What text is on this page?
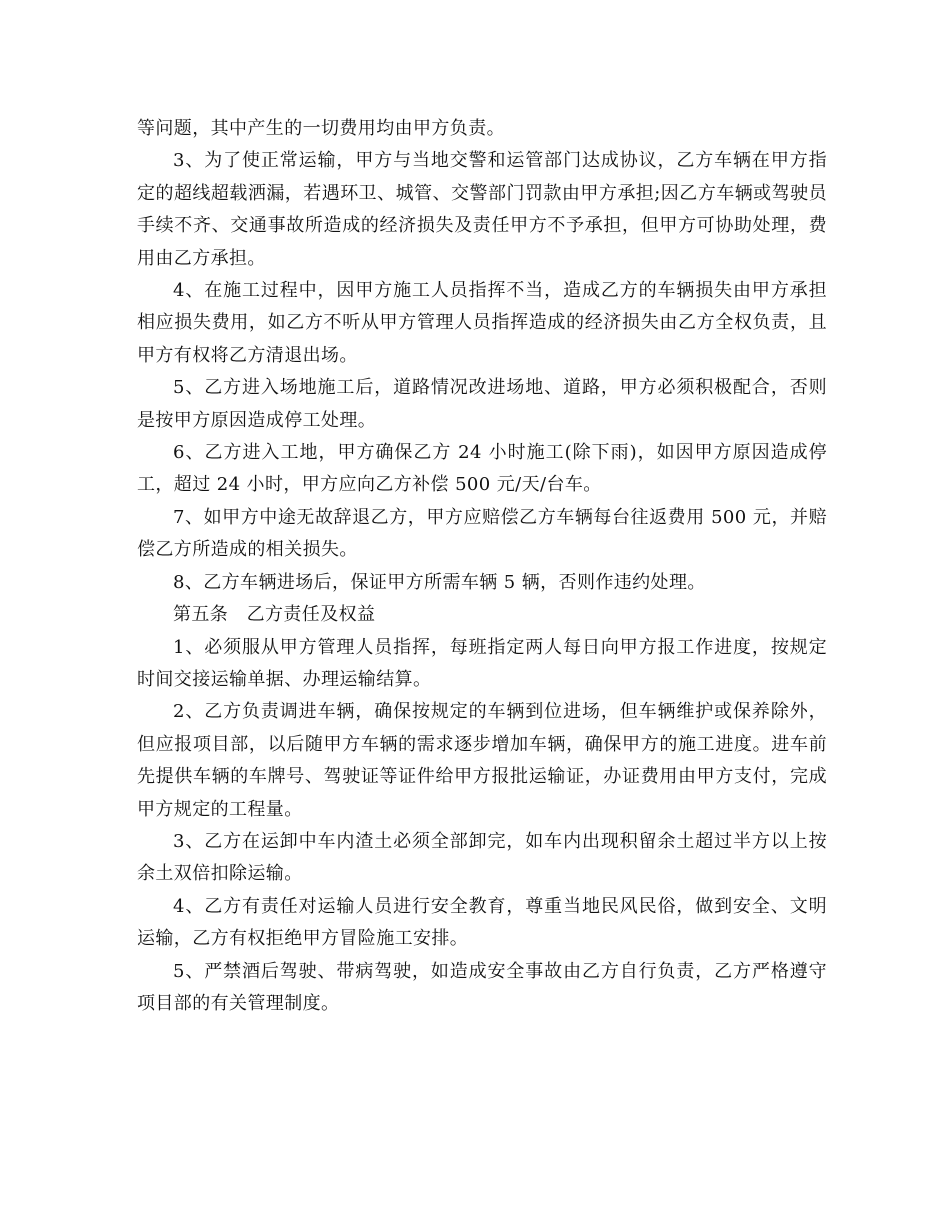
等问题，其中产生的一切费用均由甲方负责。

3、为了使正常运输，甲方与当地交警和运管部门达成协议，乙方车辆在甲方指定的超线超载洒漏，若遇环卫、城管、交警部门罚款由甲方承担;因乙方车辆或驾驶员手续不齐、交通事故所造成的经济损失及责任甲方不予承担，但甲方可协助处理，费用由乙方承担。

4、在施工过程中，因甲方施工人员指挥不当，造成乙方的车辆损失由甲方承担相应损失费用，如乙方不听从甲方管理人员指挥造成的经济损失由乙方全权负责，且甲方有权将乙方清退出场。

5、乙方进入场地施工后，道路情况改进场地、道路，甲方必须积极配合，否则是按甲方原因造成停工处理。

6、乙方进入工地，甲方确保乙方 24 小时施工(除下雨)，如因甲方原因造成停工，超过 24 小时，甲方应向乙方补偿 500 元/天/台车。

7、如甲方中途无故辞退乙方，甲方应赔偿乙方车辆每台往返费用 500 元，并赔偿乙方所造成的相关损失。

8、乙方车辆进场后，保证甲方所需车辆 5 辆，否则作违约处理。

第五条　乙方责任及权益

1、必须服从甲方管理人员指挥，每班指定两人每日向甲方报工作进度，按规定时间交接运输单据、办理运输结算。

2、乙方负责调进车辆，确保按规定的车辆到位进场，但车辆维护或保养除外，但应报项目部，以后随甲方车辆的需求逐步增加车辆，确保甲方的施工进度。进车前先提供车辆的车牌号、驾驶证等证件给甲方报批运输证，办证费用由甲方支付，完成甲方规定的工程量。

3、乙方在运卸中车内渣土必须全部卸完，如车内出现积留余土超过半方以上按余土双倍扣除运输。

4、乙方有责任对运输人员进行安全教育，尊重当地民风民俗，做到安全、文明运输，乙方有权拒绝甲方冒险施工安排。

5、严禁酒后驾驶、带病驾驶，如造成安全事故由乙方自行负责，乙方严格遵守项目部的有关管理制度。
